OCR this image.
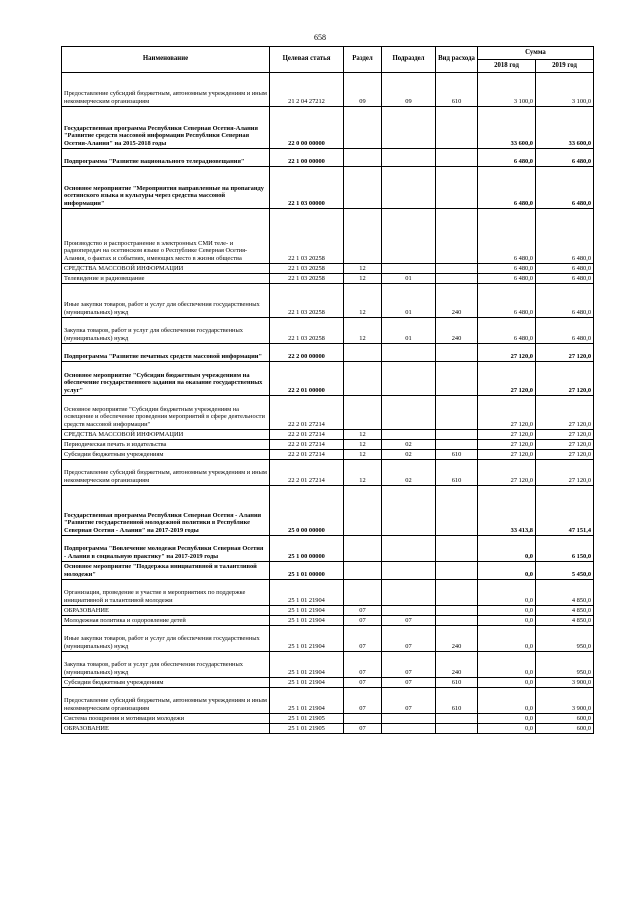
658
Наименование	Целевая статья	Раздел	Подраздел	Вид расхода	Сумма	
					2018 год	2019 год
Предоставление субсидий бюджетным, автономным учреждениям и иным некоммерческим организациям	21 2 04 27212	09	09	610	3 100,0	3 100,0
Государственная программа Республики Северная Осетия-Алания "Развитие средств массовой информации Республики Северная Осетия-Алания" на 2015-2018 годы	22 0 00 00000				33 600,0	33 600,0
Подпрограмма "Развитие национального телерадиовещания"	22 1 00 00000				6 480,0	6 480,0
Основное мероприятие "Мероприятия направленные на пропаганду осетинского языка и культуры через средства массовой информации"	22 1 03 00000				6 480,0	6 480,0
Производство и распространение в электронных СМИ теле- и радиопередач на осетинском языке о Республике Северная Осетия-Алания, о фактах и событиях, имеющих место в жизни общества	22 1 03 20258				6 480,0	6 480,0
СРЕДСТВА МАССОВОЙ ИНФОРМАЦИИ	22 1 03 20258	12			6 480,0	6 480,0
Телевидение и радиовещание	22 1 03 20258	12	01		6 480,0	6 480,0
Иные закупки товаров, работ и услуг для обеспечения государственных (муниципальных) нужд	22 1 03 20258	12	01	240	6 480,0	6 480,0
Закупка товаров, работ и услуг для обеспечения государственных (муниципальных) нужд	22 1 03 20258	12	01	240	6 480,0	6 480,0
Подпрограмма "Развитие печатных средств массовой информации"	22 2 00 00000				27 120,0	27 120,0
Основное мероприятие "Субсидии бюджетным учреждениям на обеспечение государственного задания на оказание государственных услуг"	22 2 01 00000				27 120,0	27 120,0
Основное мероприятие "Субсидии бюджетным учреждениям на освещение и обеспечение проведения мероприятий в сфере деятельности средств массовой информации"	22 2 01 27214				27 120,0	27 120,0
СРЕДСТВА МАССОВОЙ ИНФОРМАЦИИ	22 2 01 27214	12			27 120,0	27 120,0
Периодическая печать и издательства	22 2 01 27214	12	02		27 120,0	27 120,0
Субсидии бюджетным учреждениям	22 2 01 27214	12	02	610	27 120,0	27 120,0
Предоставление субсидий бюджетным, автономным учреждениям и иным некоммерческим организациям	22 2 01 27214	12	02	610	27 120,0	27 120,0
Государственная программа Республики Северная Осетия - Алания "Развитие государственной молодежной политики в Республике Северная Осетия - Алания" на 2017-2019 годы	25 0 00 00000				33 413,8	47 151,4
Подпрограмма "Вовлечение молодежи Республики Северная Осетия - Алания в социальную практику" на 2017-2019 годы	25 1 00 00000				0,0	6 150,0
Основное мероприятие "Поддержка инициативной и талантливой молодежи"	25 1 01 00000				0,0	5 450,0
Организация, проведение и участие в мероприятиях по поддержке инициативной и талантливой молодежи	25 1 01 21904				0,0	4 850,0
ОБРАЗОВАНИЕ	25 1 01 21904	07			0,0	4 850,0
Молодежная политика и оздоровление детей	25 1 01 21904	07	07		0,0	4 850,0
Иные закупки товаров, работ и услуг для обеспечения государственных (муниципальных) нужд	25 1 01 21904	07	07	240	0,0	950,0
Закупка товаров, работ и услуг для обеспечения государственных (муниципальных) нужд	25 1 01 21904	07	07	240	0,0	950,0
Субсидии бюджетным учреждениям	25 1 01 21904	07	07	610	0,0	3 900,0
Предоставление субсидий бюджетным, автономным учреждениям и иным некоммерческим организациям	25 1 01 21904	07	07	610	0,0	3 900,0
Система поощрения и мотивации молодежи	25 1 01 21905				0,0	600,0
ОБРАЗОВАНИЕ	25 1 01 21905	07			0,0	600,0
